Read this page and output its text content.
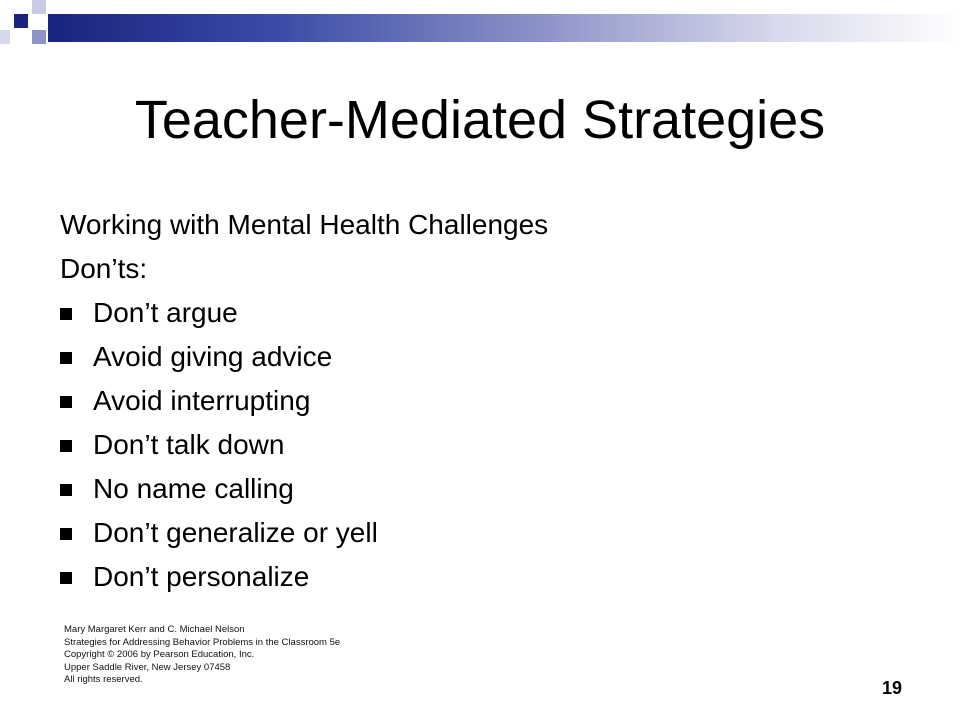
Teacher-Mediated Strategies
Working with Mental Health Challenges
Don’ts:
Don’t argue
Avoid giving advice
Avoid interrupting
Don’t talk down
No name calling
Don’t generalize or yell
Don’t personalize
Mary Margaret Kerr and C. Michael Nelson
Strategies for Addressing Behavior Problems in the Classroom 5e
Copyright © 2006 by Pearson Education, Inc.
Upper Saddle River, New Jersey 07458
All rights reserved.	19
